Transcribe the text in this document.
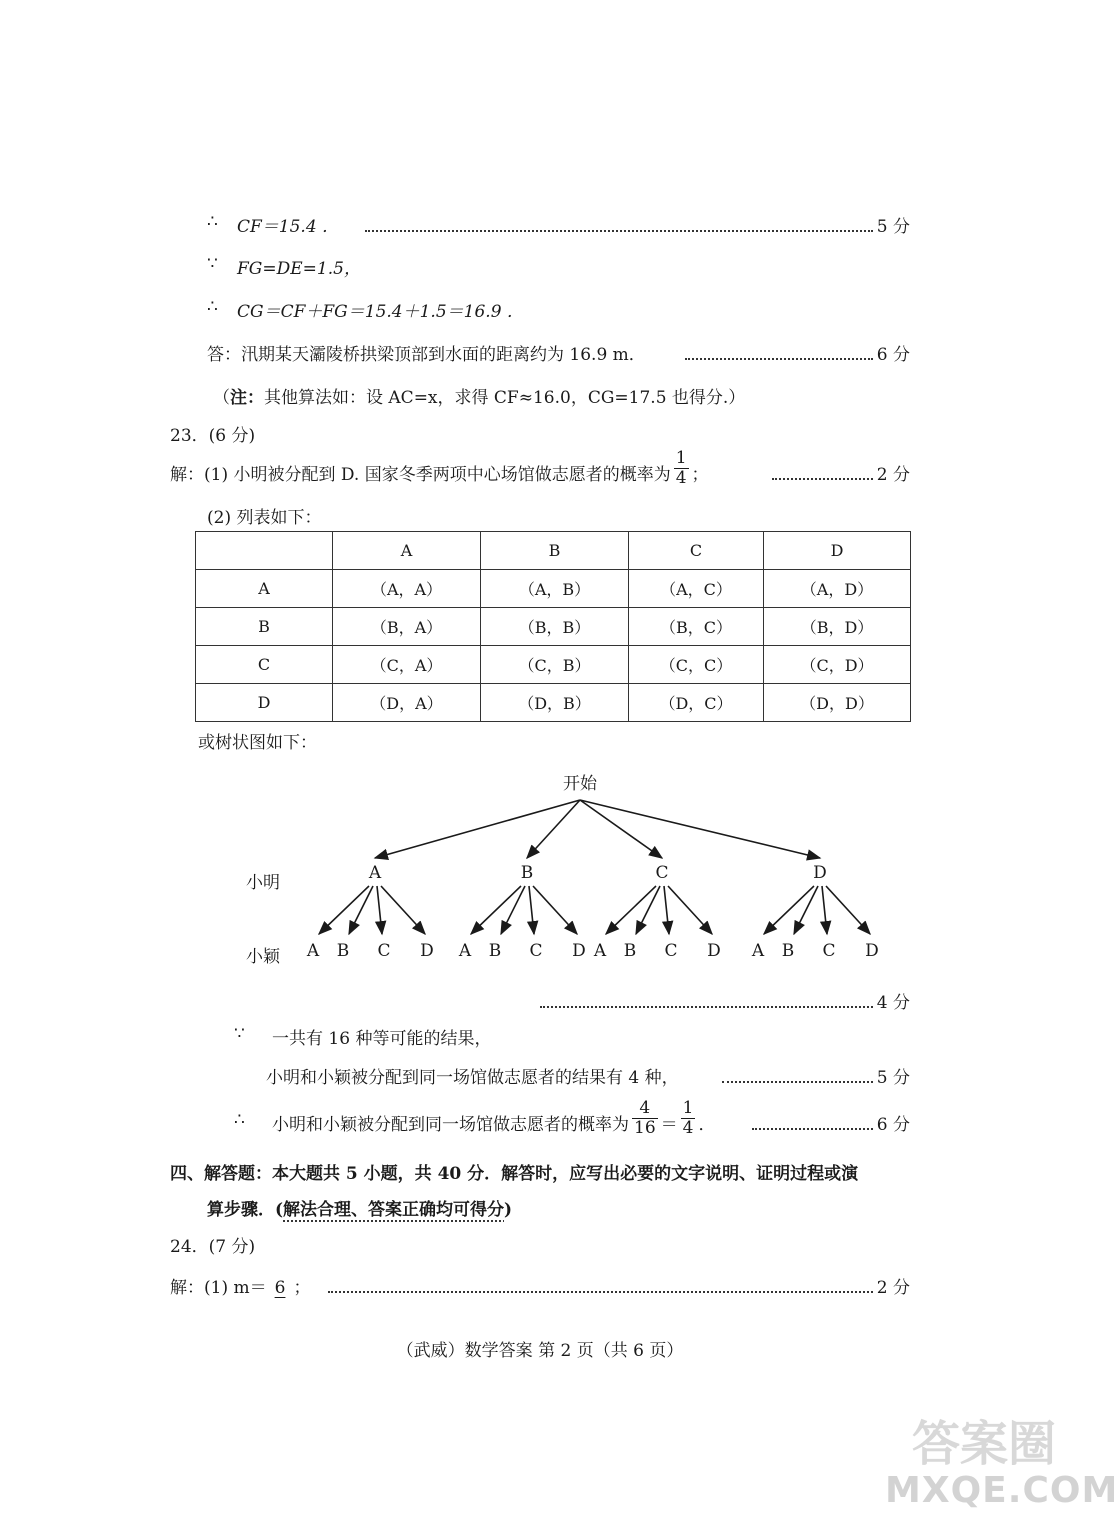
∴ CF＝15.4 ．	5 分
∵ FG=DE=1.5，
∴ CG＝CF＋FG＝15.4＋1.5＝16.9 ．
答：汛期某天灞陵桥拱梁顶部到水面的距离约为 16.9 m．	6 分
（注：其他算法如：设 AC=x，求得 CF≈16.0，CG=17.5 也得分.）
23．(6 分)
解：(1) 小明被分配到 D. 国家冬季两项中心场馆做志愿者的概率为 $\frac{1}{4}$ ；	2 分
(2) 列表如下：
	A	B	C	D
A	（A，A）	（A，B）	（A，C）	（A，D）
B	（B，A）	（B，B）	（B，C）	（B，D）
C	（C，A）	（C，B）	（C，C）	（C，D）
D	（D，A）	（D，B）	（D，C）	（D，D）
或树状图如下：
开始
小明
小颖
A
A B C D
B
A B C D
C
A B C D
D
A B C D
4 分
∵ 一共有 16 种等可能的结果，
小明和小颖被分配到同一场馆做志愿者的结果有 4 种，	5 分
∴ 小明和小颖被分配到同一场馆做志愿者的概率为 $\frac{4}{16} = \frac{1}{4}$ ．	6 分
四、解答题：本大题共 5 小题，共 40 分．解答时，应写出必要的文字说明、证明过程或演
算步骤．(解法合理、答案正确均可得分)
24．(7 分)
解：(1) m＝ 6 ；	2 分
（武威）数学答案 第 2 页（共 6 页）
答案圈
MXQE.COM
